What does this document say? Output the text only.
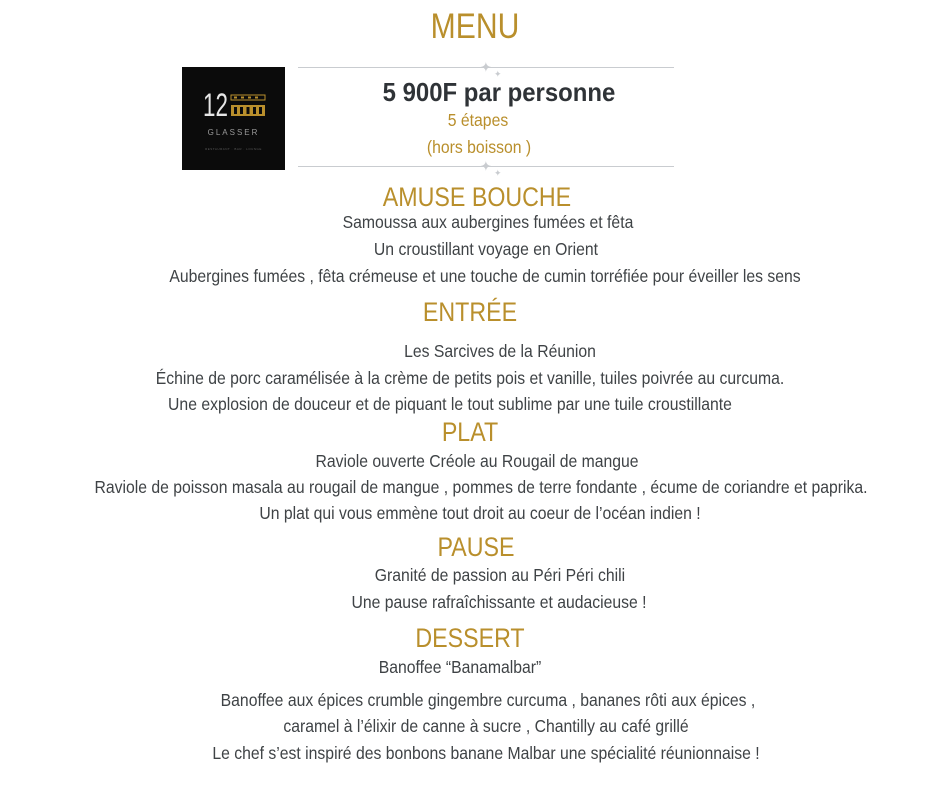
MENU
12
GLASSER
RESTAURANT · BAR · LOUNGE
✦ ✦
5 900F par personne
5 étapes
(hors boisson )
✦ ✦
AMUSE BOUCHE
Samoussa aux aubergines fumées et fêta
Un croustillant voyage en Orient
Aubergines fumées , fêta crémeuse et une touche de cumin torréfiée pour éveiller les sens
ENTRÉE
Les Sarcives de la Réunion
Échine de porc caramélisée à la crème de petits pois et vanille, tuiles poivrée au curcuma.
Une explosion de douceur et de piquant le tout sublime par une tuile croustillante
PLAT
Raviole ouverte Créole au Rougail de mangue
Raviole de poisson masala au rougail de mangue , pommes de terre fondante , écume de coriandre et paprika.
Un plat qui vous emmène tout droit au coeur de l’océan indien !
PAUSE
Granité de passion au Péri Péri chili
Une pause rafraîchissante et audacieuse !
DESSERT
Banoffee “Banamalbar”
Banoffee aux épices crumble gingembre curcuma , bananes rôti aux épices ,
caramel à l’élixir de canne à sucre , Chantilly au café grillé
Le chef s’est inspiré des bonbons banane Malbar une spécialité réunionnaise !
